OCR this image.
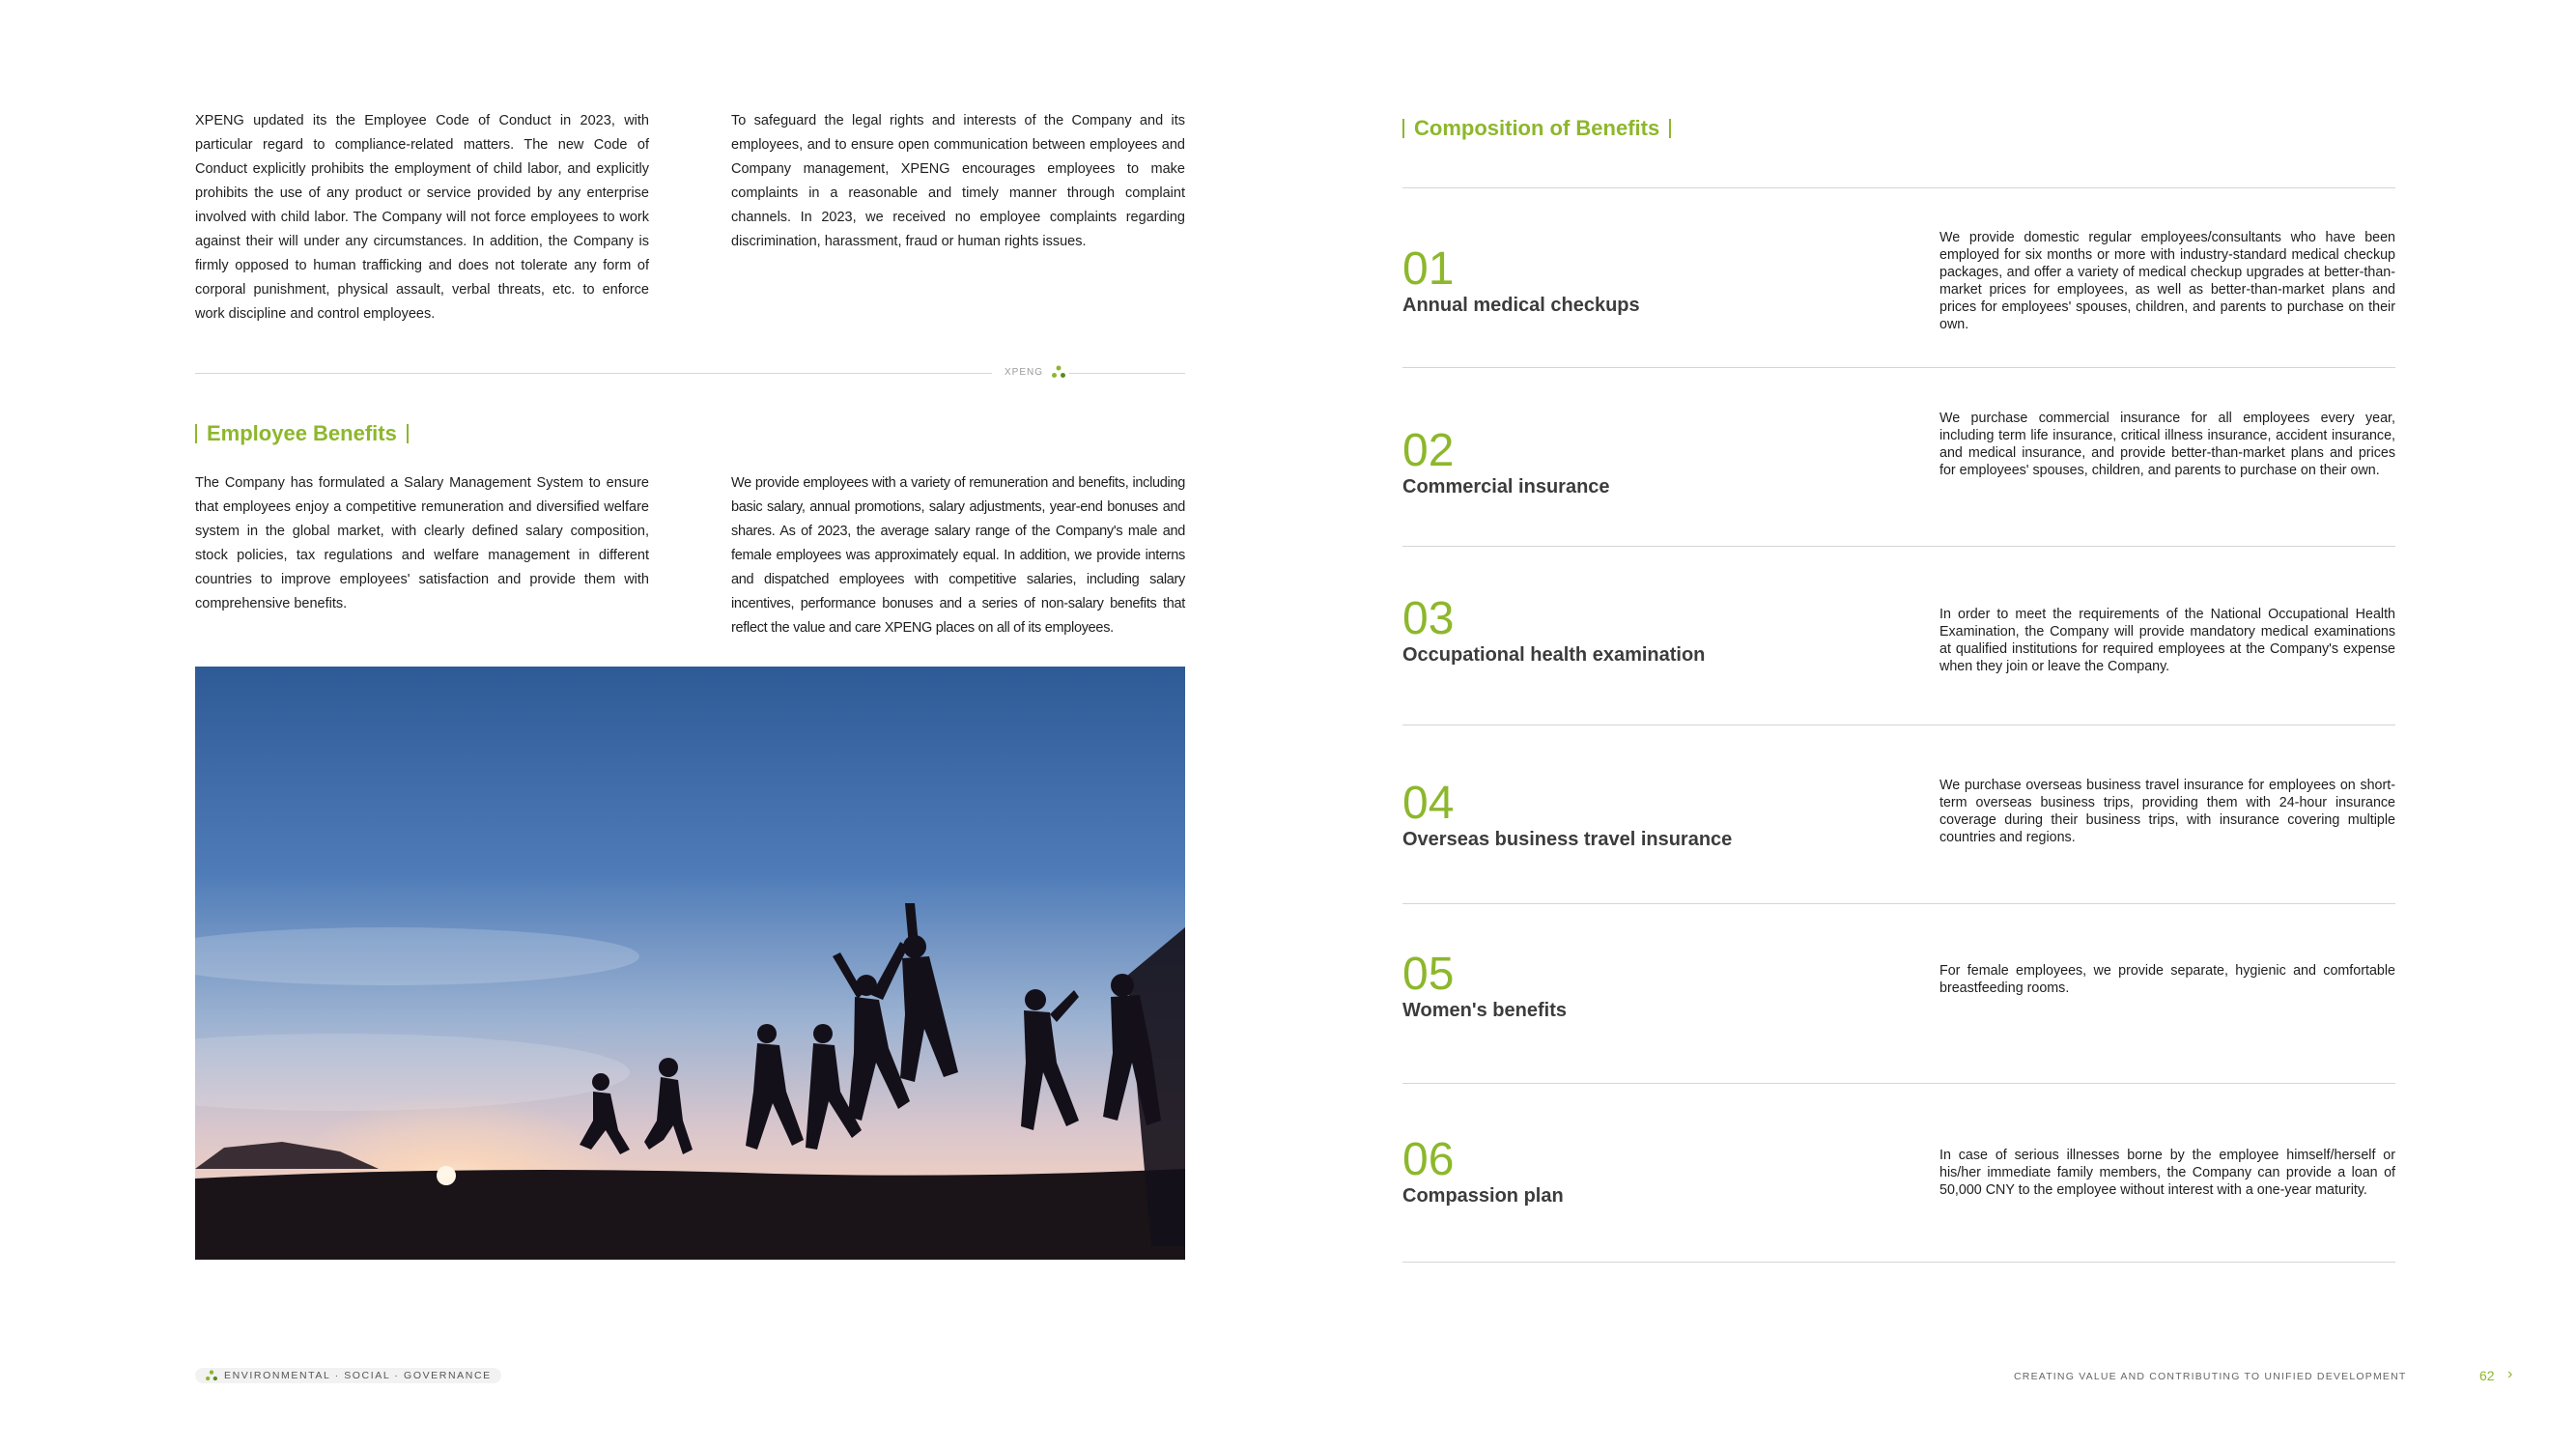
XPENG updated its the Employee Code of Conduct in 2023, with particular regard to compliance-related matters. The new Code of Conduct explicitly prohibits the employment of child labor, and explicitly prohibits the use of any product or service provided by any enterprise involved with child labor. The Company will not force employees to work against their will under any circumstances. In addition, the Company is firmly opposed to human trafficking and does not tolerate any form of corporal punishment, physical assault, verbal threats, etc. to enforce work discipline and control employees.

To safeguard the legal rights and interests of the Company and its employees, and to ensure open communication between employees and Company management, XPENG encourages employees to make complaints in a reasonable and timely manner through complaint channels. In 2023, we received no employee complaints regarding discrimination, harassment, fraud or human rights issues.

XPENG
Employee Benefits

The Company has formulated a Salary Management System to ensure that employees enjoy a competitive remuneration and diversified welfare system in the global market, with clearly defined salary composition, stock policies, tax regulations and welfare management in different countries to improve employees' satisfaction and provide them with comprehensive benefits.

We provide employees with a variety of remuneration and benefits, including basic salary, annual promotions, salary adjustments, year-end bonuses and shares. As of 2023, the average salary range of the Company's male and female employees was approximately equal. In addition, we provide interns and dispatched employees with competitive salaries, including salary incentives, performance bonuses and a series of non-salary benefits that reflect the value and care XPENG places on all of its employees.

Composition of Benefits
01
Annual medical checkups

We provide domestic regular employees/consultants who have been employed for six months or more with industry-standard medical checkup packages, and offer a variety of medical checkup upgrades at better-than-market prices for employees, as well as better-than-market plans and prices for employees' spouses, children, and parents to purchase on their own.

02
Commercial insurance

We purchase commercial insurance for all employees every year, including term life insurance, critical illness insurance, accident insurance, and medical insurance, and provide better-than-market plans and prices for employees' spouses, children, and parents to purchase on their own.

03
Occupational health examination

In order to meet the requirements of the National Occupational Health Examination, the Company will provide mandatory medical examinations at qualified institutions for required employees at the Company's expense when they join or leave the Company.

04
Overseas business travel insurance

We purchase overseas business travel insurance for employees on short-term overseas business trips, providing them with 24-hour insurance coverage during their business trips, with insurance covering multiple countries and regions.

05
Women's benefits

For female employees, we provide separate, hygienic and comfortable breastfeeding rooms.

06
Compassion plan

In case of serious illnesses borne by the employee himself/herself or his/her immediate family members, the Company can provide a loan of 50,000 CNY to the employee without interest with a one-year maturity.

ENVIRONMENTAL · SOCIAL · GOVERNANCE	CREATING VALUE AND CONTRIBUTING TO UNIFIED DEVELOPMENT	62 ›
